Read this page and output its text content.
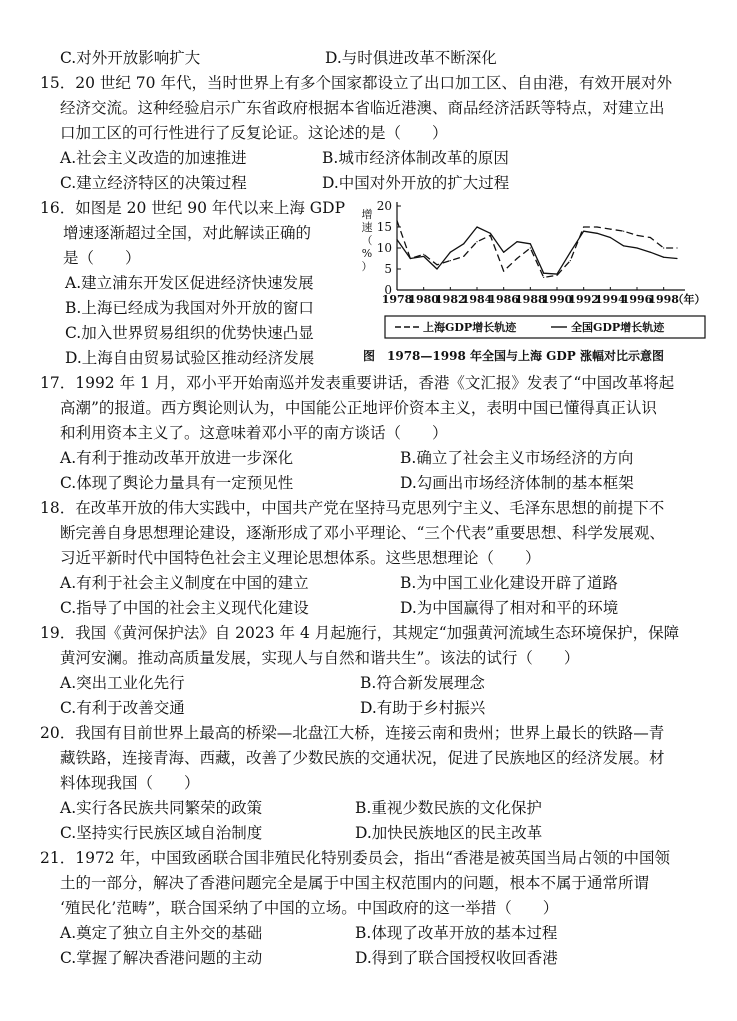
C.对外开放影响扩大	D.与时俱进改革不断深化
15．20 世纪 70 年代，当时世界上有多个国家都设立了出口加工区、自由港，有效开展对外
经济交流。这种经验启示广东省政府根据本省临近港澳、商品经济活跃等特点，对建立出
口加工区的可行性进行了反复论证。这论述的是（　　）
A.社会主义改造的加速推进	B.城市经济体制改革的原因
C.建立经济特区的决策过程	D.中国对外开放的扩大过程
16．如图是 20 世纪 90 年代以来上海 GDP
增速逐渐超过全国，对此解读正确的
是（　　）
A.建立浦东开发区促进经济快速发展
B.上海已经成为我国对外开放的窗口
C.加入世界贸易组织的优势快速凸显
D.上海自由贸易试验区推动经济发展
0
5
10
15
20
增
速
（
%
）
1978
1980
1982
1984
1986
1988
1990
1992
1994
1996
1998
（年）
上海GDP增长轨迹	全国GDP增长轨迹
图　1978—1998 年全国与上海 GDP 涨幅对比示意图
17．1992 年 1 月，邓小平开始南巡并发表重要讲话，香港《文汇报》发表了“中国改革将起
高潮”的报道。西方舆论则认为，中国能公正地评价资本主义，表明中国已懂得真正认识
和利用资本主义了。这意味着邓小平的南方谈话（　　）
A.有利于推动改革开放进一步深化	B.确立了社会主义市场经济的方向
C.体现了舆论力量具有一定预见性	D.勾画出市场经济体制的基本框架
18．在改革开放的伟大实践中，中国共产党在坚持马克思列宁主义、毛泽东思想的前提下不
断完善自身思想理论建设，逐渐形成了邓小平理论、“三个代表”重要思想、科学发展观、
习近平新时代中国特色社会主义理论思想体系。这些思想理论（　　）
A.有利于社会主义制度在中国的建立	B.为中国工业化建设开辟了道路
C.指导了中国的社会主义现代化建设	D.为中国赢得了相对和平的环境
19．我国《黄河保护法》自 2023 年 4 月起施行，其规定“加强黄河流域生态环境保护，保障
黄河安澜。推动高质量发展，实现人与自然和谐共生”。该法的试行（　　）
A.突出工业化先行	B.符合新发展理念
C.有利于改善交通	D.有助于乡村振兴
20．我国有目前世界上最高的桥梁—北盘江大桥，连接云南和贵州；世界上最长的铁路—青
藏铁路，连接青海、西藏，改善了少数民族的交通状况，促进了民族地区的经济发展。材
料体现我国（　　）
A.实行各民族共同繁荣的政策	B.重视少数民族的文化保护
C.坚持实行民族区域自治制度	D.加快民族地区的民主改革
21．1972 年，中国致函联合国非殖民化特别委员会，指出“香港是被英国当局占领的中国领
土的一部分，解决了香港问题完全是属于中国主权范围内的问题，根本不属于通常所谓
‘殖民化’范畴”，联合国采纳了中国的立场。中国政府的这一举措（　　）
A.奠定了独立自主外交的基础	B.体现了改革开放的基本过程
C.掌握了解决香港问题的主动	D.得到了联合国授权收回香港
